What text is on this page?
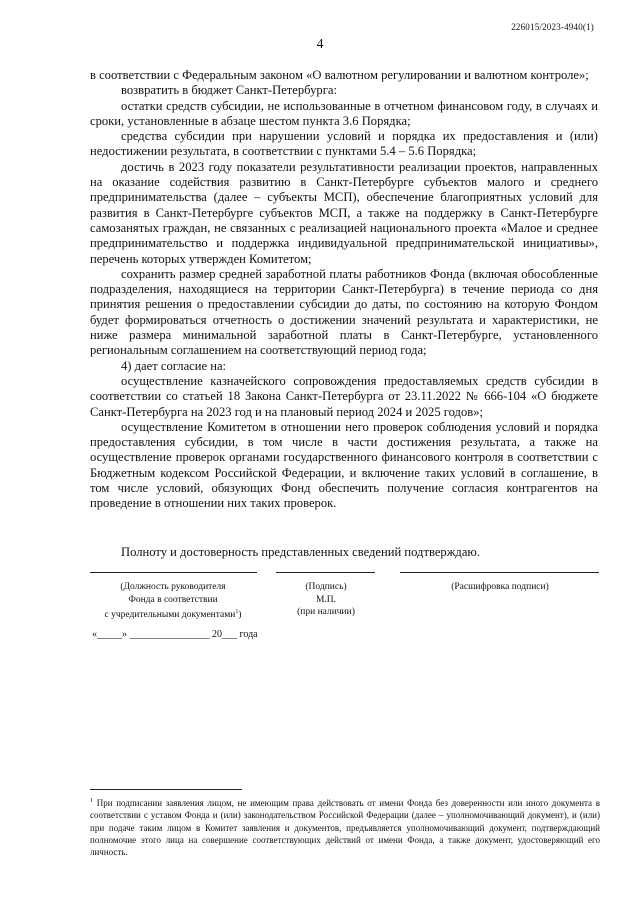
226015/2023-4940(1)
4

в соответствии с Федеральным законом «О валютном регулировании и валютном контроле»;

возвратить в бюджет Санкт-Петербурга:

остатки средств субсидии, не использованные в отчетном финансовом году, в случаях и сроки, установленные в абзаце шестом пункта 3.6 Порядка;

средства субсидии при нарушении условий и порядка их предоставления и (или) недостижении результата, в соответствии с пунктами 5.4 – 5.6 Порядка;

достичь в 2023 году показатели результативности реализации проектов, направленных на оказание содействия развитию в Санкт-Петербурге субъектов малого и среднего предпринимательства (далее – субъекты МСП), обеспечение благоприятных условий для развития в Санкт-Петербурге субъектов МСП, а также на поддержку в Санкт-Петербурге самозанятых граждан, не связанных с реализацией национального проекта «Малое и среднее предпринимательство и поддержка индивидуальной предпринимательской инициативы», перечень которых утвержден Комитетом;

сохранить размер средней заработной платы работников Фонда (включая обособленные подразделения, находящиеся на территории Санкт-Петербурга) в течение периода со дня принятия решения о предоставлении субсидии до даты, по состоянию на которую Фондом будет формироваться отчетность о достижении значений результата и характеристики, не ниже размера минимальной заработной платы в Санкт-Петербурге, установленного региональным соглашением на соответствующий период года;

4) дает согласие на:

осуществление казначейского сопровождения предоставляемых средств субсидии в соответствии со статьей 18 Закона Санкт-Петербурга от 23.11.2022 № 666-104 «О бюджете Санкт-Петербурга на 2023 год и на плановый период 2024 и 2025 годов»;

осуществление Комитетом в отношении него проверок соблюдения условий и порядка предоставления субсидии, в том числе в части достижения результата, а также на осуществление проверок органами государственного финансового контроля в соответствии с Бюджетным кодексом Российской Федерации, и включение таких условий в соглашение, в том числе условий, обязующих Фонд обеспечить получение согласия контрагентов на проведение в отношении них таких проверок.

Полноту и достоверность представленных сведений подтверждаю.
(Должность руководителя
Фонда в соответствии
с учредительными документами$^1$)
(Подпись)
М.П.
(при наличии)
(Расшифровка подписи)
«_____» ________________ 20___ года
$^1$ При подписании заявления лицом, не имеющим права действовать от имени Фонда без доверенности или иного документа в соответствии с уставом Фонда и (или) законодательством Российской Федерации (далее – уполномочивающий документ), и (или) при подаче таким лицом в Комитет заявления и документов, предъявляется уполномочивающий документ, подтверждающий полномочие этого лица на совершение соответствующих действий от имени Фонда, а также документ, удостоверяющий его личность.
